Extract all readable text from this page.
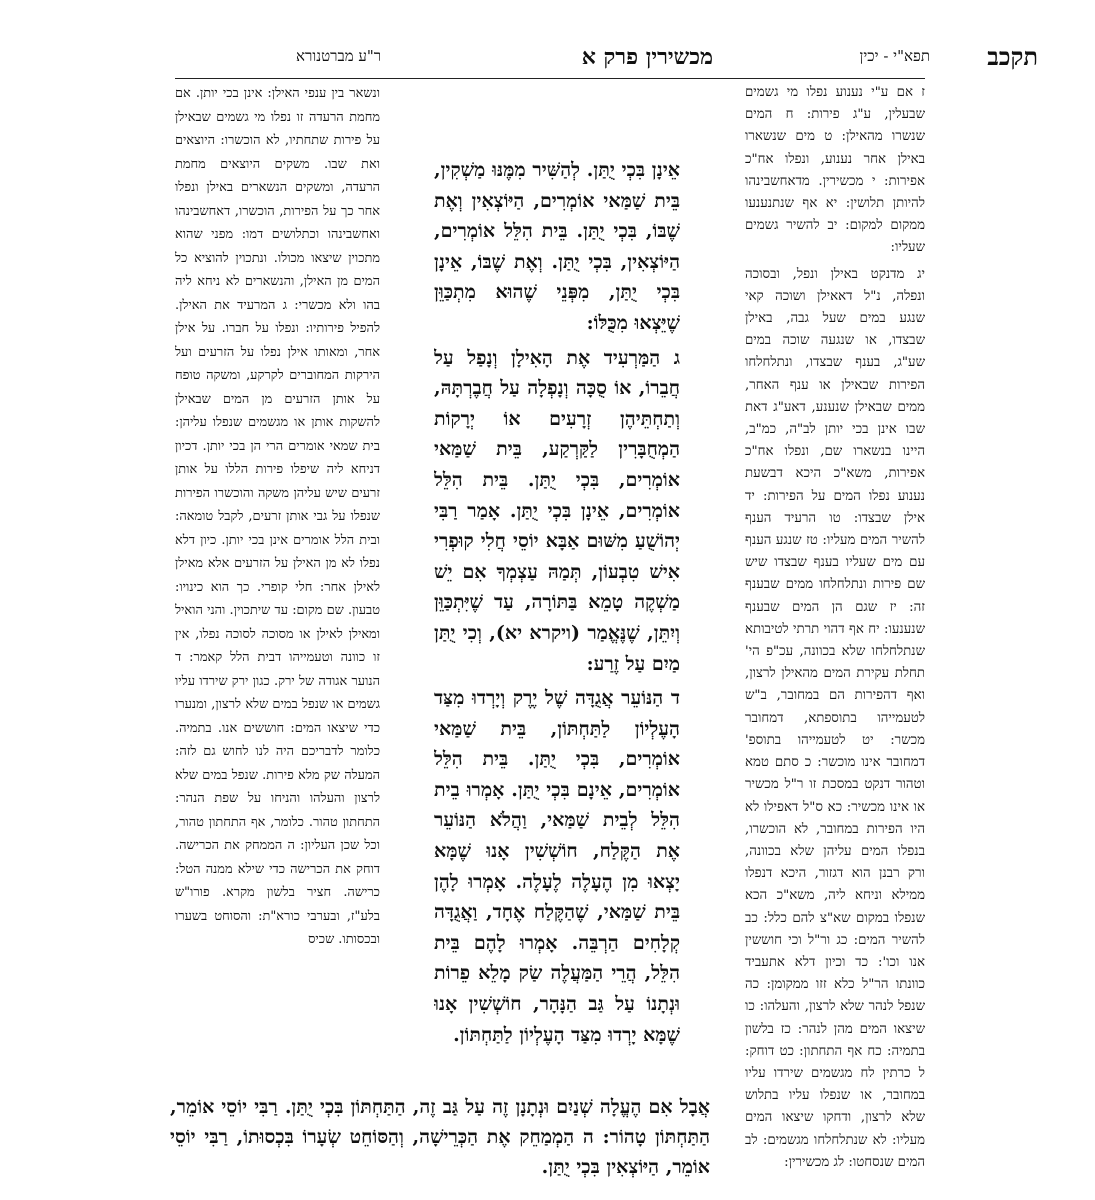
תקכב
תפא"י - יכין
מכשירין פרק א
ר"ע מברטנורא

ז אם ע"י נענוע נפלו מי גשמים שבעלין, ע"ג פירות: ח המים שנשרו מהאילן: ט מים שנשארו באילן אחר נענוע, ונפלו אח"כ אפירות: י מכשירין. מדאחשבינהו להיותן תלושין: יא אף שנתנענעו ממקום למקום: יב להשיר גשמים שעליו:

יג מדנקט באילן ונפל, ובסוכה ונפלה, נ"ל דאאילן ושוכה קאי שנגע במים שעל גבה, באילן שבצדו, או שנגעה שוכה במים שע"ג, בענף שבצדו, ונתלחלחו הפירות שבאילן או ענף האחר, ממים שבאילן שנענע, דאע"ג דאת שבו אינן בכי יותן לב"ה, כמ"ב, היינו בנשארו שם, ונפלו אח"כ אפירות, משא"כ היכא דבשעת נענוע נפלו המים על הפירות: יד אילן שבצדו: טו הרעיד הענף להשיר המים מעליו: טז שנגע הענף עם מים שעליו בענף שבצדו שיש שם פירות ונתלחלחו ממים שבענף זה: יז שגם הן המים שבענף שנענעו: יח אף דהוי תרתי לטיבותא שנתלחלחו שלא בכוונה, עכ"פ הי' תחלת עקירת המים מהאילן לרצון, ואף דהפירות הם במחובר, ב"ש לטעמייהו בתוספתא, דמחובר מכשר: יט לטעמייהו בתוספ' דמחובר אינו מוכשר: כ סתם טמא וטהור דנקט במסכת זו ר"ל מכשיר או אינו מכשיר: כא ס"ל דאפילו לא היו הפירות במחובר, לא הוכשרו, בנפלו המים עליהן שלא בכוונה, ורק רבנן הוא דגזור, היכא דנפלו ממילא וניחא ליה, משא"כ הכא שנפלו במקום שא"צ להם כלל: כב להשיר המים: כג ור"ל וכי חוששין אנו וכו': כד וכיון דלא אתעביד כוונתו הר"ל כלא זזו ממקומן: כה שנפל לנהר שלא לרצון, והעלהו: כו שיצאו המים מהן לנהר: כז בלשון בתמיה: כח אף התחתון: כט דוחק: ל כרתין לח מגשמים שירדו עליו במחובר, או שנפלו עליו בתלוש שלא לרצון, ודחקו שיצאו המים מעליו: לא שנתלחלחו מגשמים: לב המים שנסחטו: לג מכשירין:

אֵינָן בִּכְי יֻתַּן. לְהַשִּׁיר מִמֶּנּוּ מַשְׁקִין, בֵּית שַׁמַּאי אוֹמְרִים, הַיּוֹצְאִין וְאֶת שֶׁבּוֹ, בִּכְי יֻתַּן. בֵּית הִלֵּל אוֹמְרִים, הַיּוֹצְאִין, בִּכְי יֻתַּן. וְאֶת שֶׁבּוֹ, אֵינָן בִּכְי יֻתַּן, מִפְּנֵי שֶׁהוּא מִתְכַּוֵּן שֶׁיֵּצְאוּ מִכֻּלּוֹ:

ג הַמַּרְעִיד אֶת הָאִילָן וְנָפַל עַל חֲבֵרוֹ, אוֹ סֻכָּה וְנָפְלָה עַל חֲבֶרְתָּהּ, וְתַחְתֵּיהֶן זְרָעִים אוֹ יְרָקוֹת הַמְחֻבָּרִין לַקַּרְקַע, בֵּית שַׁמַּאי אוֹמְרִים, בִּכְי יֻתַּן. בֵּית הִלֵּל אוֹמְרִים, אֵינָן בִּכְי יֻתַּן. אָמַר רַבִּי יְהוֹשֻׁעַ מִשּׁוּם אַבָּא יוֹסֵי חֲלִי קוּפְרִי אִישׁ טִבְעוֹן, תְּמַהּ עַצְמְךָ אִם יֵשׁ מַשְׁקֶה טָמֵא בַּתּוֹרָה, עַד שֶׁיִּתְכַּוֵּן וְיִתֵּן, שֶׁנֶּאֱמַר (ויקרא יא), וְכִי יֻתַּן מַיִם עַל זֶרַע:

ד הַנּוֹעֵר אֲגֻדָּה שֶׁל יֶרֶק וְיָרְדוּ מִצַּד הָעֶלְיוֹן לַתַּחְתּוֹן, בֵּית שַׁמַּאי אוֹמְרִים, בִּכְי יֻתַּן. בֵּית הִלֵּל אוֹמְרִים, אֵינָם בִּכְי יֻתַּן. אָמְרוּ בֵית הִלֵּל לְבֵית שַׁמַּאי, וַהֲלֹא הַנּוֹעֵר אֶת הַקֶּלַח, חוֹשְׁשִׁין אָנוּ שֶׁמָּא יָצְאוּ מִן הֶעָלֶה לֶעָלֶה. אָמְרוּ לָהֶן בֵּית שַׁמַּאי, שֶׁהַקֶּלַח אֶחָד, וַאֲגֻדָּה קְלָחִים הַרְבֵּה. אָמְרוּ לָהֶם בֵּית הִלֵּל, הֲרֵי הַמַּעֲלֶה שַׂק מָלֵא פֵרוֹת וּנְתָנוֹ עַל גַּב הַנָּהָר, חוֹשְׁשִׁין אָנוּ שֶׁמָּא יָרְדוּ מִצַּד הָעֶלְיוֹן לַתַּחְתּוֹן.

ונשאר בין ענפי האילן: אינן בכי יותן. אם מחמת הרעדה זו נפלו מי גשמים שבאילן על פירות שתחתיו, לא הוכשרו: היוצאים ואת שבו. משקים היוצאים מחמת הרעדה, ומשקים הנשארים באילן ונפלו אחר כך על הפירות, הוכשרו, דאחשבינהו ואחשבינהו וכתלושים דמו: מפני שהוא מתכוין שיצאו מכולו. ונתכוין להוציא כל המים מן האילן, והנשארים לא ניחא ליה בהו ולא מכשרי: ג המרעיד את האילן. להפיל פירותיו: ונפלו על חברו. על אילן אחר, ומאותו אילן נפלו על הזרעים ועל הירקות המחוברים לקרקע, ומשקה טופח על אותן הזרעים מן המים שבאילן להשקות אותן או מגשמים שנפלו עליהן: בית שמאי אומרים הרי הן בכי יותן. דכיון דניחא ליה שיפלו פירות הללו על אותן זרעים שיש עליהן משקה והוכשרו הפירות שנפלו על גבי אותן זרעים, לקבל טומאה: ובית הלל אומרים אינן בכי יותן. כיון דלא נפלו לא מן האילן על הזרעים אלא מאילן לאילן אחר: חלי קופרי. כך הוא כינויו: טבעון. שם מקום: עד שיתכוין. והני הואיל ומאילן לאילן או מסוכה לסוכה נפלו, אין זו כוונה וטעמייהו דבית הלל קאמר: ד הנוער אגודה של ירק. כגון ירק שירדו עליו גשמים או שנפל במים שלא לרצון, ומנערו כדי שיצאו המים: חוששים אנו. בתמיה. כלומר לדבריכם היה לנו לחוש גם לזה: המעלה שק מלא פירות. שנפל במים שלא לרצון והעלהו והניחו על שפת הנהר: התחתון טהור. כלומר, אף התחתון טהור, וכל שכן העליון: ה הממחק את הכרישה. דוחק את הכרישה כדי שילא ממנה הטל: כרישה. חציר בלשון מקרא. פורו"ש בלע"ז, ובערבי כורא"ת: והסוחט בשערו ובכסותו. שכיס

אֲבָל אִם הֶעֱלָה שְׁנַיִם וּנְתָנָן זֶה עַל גַּב זֶה, הַתַּחְתּוֹן בִּכְי יֻתַּן. רַבִּי יוֹסֵי אוֹמֵר, הַתַּחְתּוֹן טָהוֹר: ה הַמְמַחֵק אֶת הַכְּרֵישָׁה, וְהַסּוֹחֵט שְׂעָרוֹ בִּכְסוּתוֹ, רַבִּי יוֹסֵי אוֹמֵר, הַיּוֹצְאִין בִּכְי יֻתַּן.
